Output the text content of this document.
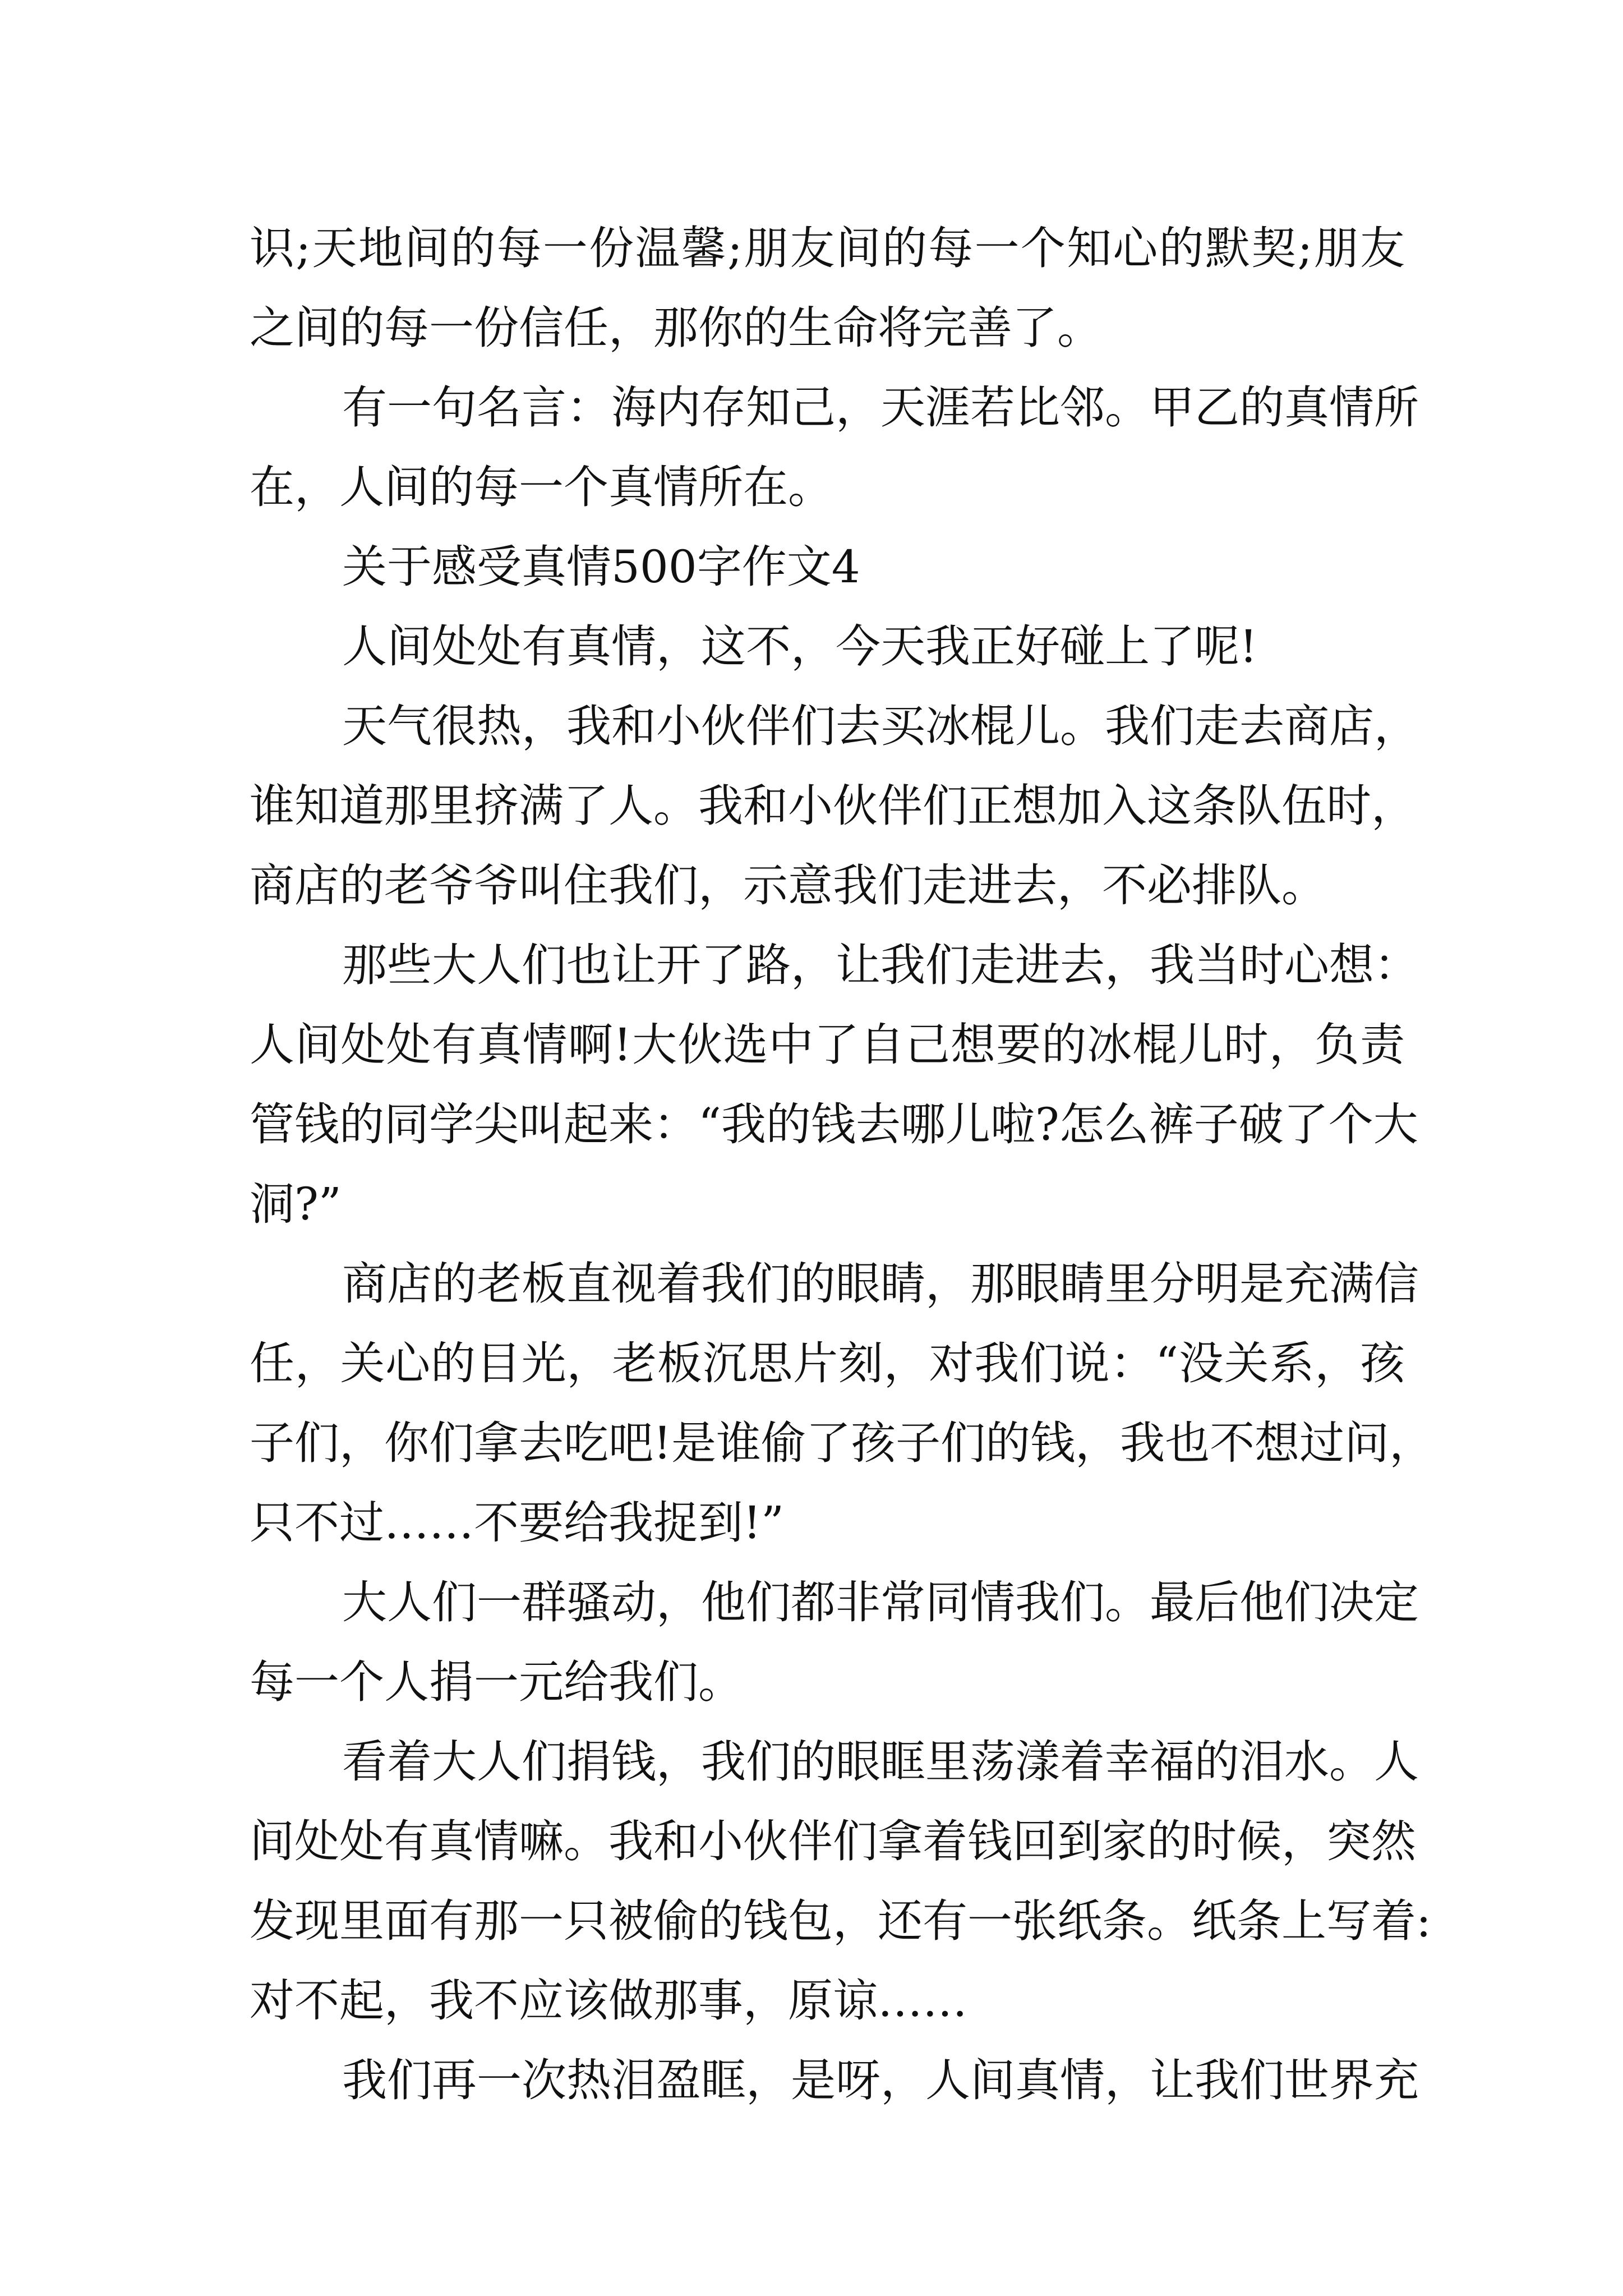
识;天地间的每一份温馨;朋友间的每一个知心的默契;朋友
之间的每一份信任，那你的生命将完善了。
有一句名言：海内存知己，天涯若比邻。甲乙的真情所
在，人间的每一个真情所在。
关于感受真情500字作文4
人间处处有真情，这不，今天我正好碰上了呢!
天气很热，我和小伙伴们去买冰棍儿。我们走去商店，
谁知道那里挤满了人。我和小伙伴们正想加入这条队伍时，
商店的老爷爷叫住我们，示意我们走进去，不必排队。
那些大人们也让开了路，让我们走进去，我当时心想：
人间处处有真情啊!大伙选中了自己想要的冰棍儿时，负责
管钱的同学尖叫起来：“我的钱去哪儿啦?怎么裤子破了个大
洞?”
商店的老板直视着我们的眼睛，那眼睛里分明是充满信
任，关心的目光，老板沉思片刻，对我们说：“没关系，孩
子们，你们拿去吃吧!是谁偷了孩子们的钱，我也不想过问，
只不过……不要给我捉到!”
大人们一群骚动，他们都非常同情我们。最后他们决定
每一个人捐一元给我们。
看着大人们捐钱，我们的眼眶里荡漾着幸福的泪水。人
间处处有真情嘛。我和小伙伴们拿着钱回到家的时候，突然
发现里面有那一只被偷的钱包，还有一张纸条。纸条上写着:
对不起，我不应该做那事，原谅……
我们再一次热泪盈眶，是呀，人间真情，让我们世界充
